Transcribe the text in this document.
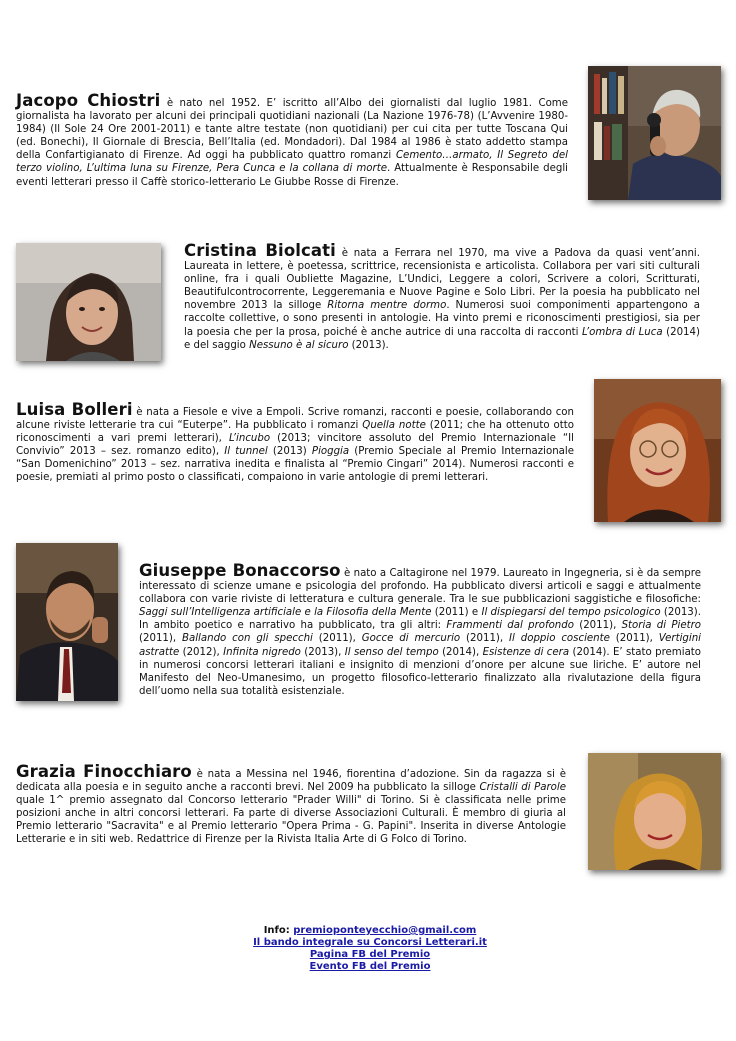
Jacopo Chiostri è nato nel 1952. E’ iscritto all’Albo dei giornalisti dal luglio 1981. Come giornalista ha lavorato per alcuni dei principali quotidiani nazionali (La Nazione 1976-78) (L’Avvenire 1980-1984) (Il Sole 24 Ore 2001-2011) e tante altre testate (non quotidiani) per cui cita per tutte Toscana Qui (ed. Bonechi), Il Giornale di Brescia, Bell’Italia (ed. Mondadori). Dal 1984 al 1986 è stato addetto stampa della Confartigianato di Firenze. Ad oggi ha pubblicato quattro romanzi Cemento…armato, Il Segreto del terzo violino, L’ultima luna su Firenze, Pera Cunca e la collana di morte. Attualmente è Responsabile degli eventi letterari presso il Caffè storico-letterario Le Giubbe Rosse di Firenze.

Cristina Biolcati è nata a Ferrara nel 1970, ma vive a Padova da quasi vent’anni. Laureata in lettere, è poetessa, scrittrice, recensionista e articolista. Collabora per vari siti culturali online, fra i quali Oubliette Magazine, L’Undici, Leggere a colori, Scrivere a colori, Scritturati, Beautifulcontrocorrente, Leggeremania e Nuove Pagine e Solo Libri. Per la poesia ha pubblicato nel novembre 2013 la silloge Ritorna mentre dormo. Numerosi suoi componimenti appartengono a raccolte collettive, o sono presenti in antologie. Ha vinto premi e riconoscimenti prestigiosi, sia per la poesia che per la prosa, poiché è anche autrice di una raccolta di racconti L’ombra di Luca (2014) e del saggio Nessuno è al sicuro (2013).

Luisa Bolleri è nata a Fiesole e vive a Empoli. Scrive romanzi, racconti e poesie, collaborando con alcune riviste letterarie tra cui “Euterpe”. Ha pubblicato i romanzi Quella notte (2011; che ha ottenuto otto riconoscimenti a vari premi letterari), L’incubo (2013; vincitore assoluto del Premio Internazionale “Il Convivio” 2013 – sez. romanzo edito), Il tunnel (2013) Pioggia (Premio Speciale al Premio Internazionale “San Domenichino” 2013 – sez. narrativa inedita e finalista al “Premio Cingari” 2014). Numerosi racconti e poesie, premiati al primo posto o classificati, compaiono in varie antologie di premi letterari.

Giuseppe Bonaccorso è nato a Caltagirone nel 1979. Laureato in Ingegneria, si è da sempre interessato di scienze umane e psicologia del profondo. Ha pubblicato diversi articoli e saggi e attualmente collabora con varie riviste di letteratura e cultura generale. Tra le sue pubblicazioni saggistiche e filosofiche: Saggi sull’Intelligenza artificiale e la Filosofia della Mente (2011) e Il dispiegarsi del tempo psicologico (2013). In ambito poetico e narrativo ha pubblicato, tra gli altri: Frammenti dal profondo (2011), Storia di Pietro (2011), Ballando con gli specchi (2011), Gocce di mercurio (2011), Il doppio cosciente (2011), Vertigini astratte (2012), Infinita nigredo (2013), Il senso del tempo (2014), Esistenze di cera (2014). E’ stato premiato in numerosi concorsi letterari italiani e insignito di menzioni d’onore per alcune sue liriche. E’ autore nel Manifesto del Neo-Umanesimo, un progetto filosofico-letterario finalizzato alla rivalutazione della figura dell’uomo nella sua totalità esistenziale.

Grazia Finocchiaro è nata a Messina nel 1946, fiorentina d’adozione. Sin da ragazza si è dedicata alla poesia e in seguito anche a racconti brevi. Nel 2009 ha pubblicato la silloge Cristalli di Parole quale 1^ premio assegnato dal Concorso letterario "Prader Willi" di Torino. Si è classificata nelle prime posizioni anche in altri concorsi letterari. Fa parte di diverse Associazioni Culturali. È membro di giuria al Premio letterario "Sacravita" e al Premio letterario "Opera Prima - G. Papini". Inserita in diverse Antologie Letterarie e in siti web. Redattrice di Firenze per la Rivista Italia Arte di G Folco di Torino.

Info: premioponteyecchio@gmail.com
Il bando integrale su Concorsi Letterari.it
Pagina FB del Premio
Evento FB del Premio
